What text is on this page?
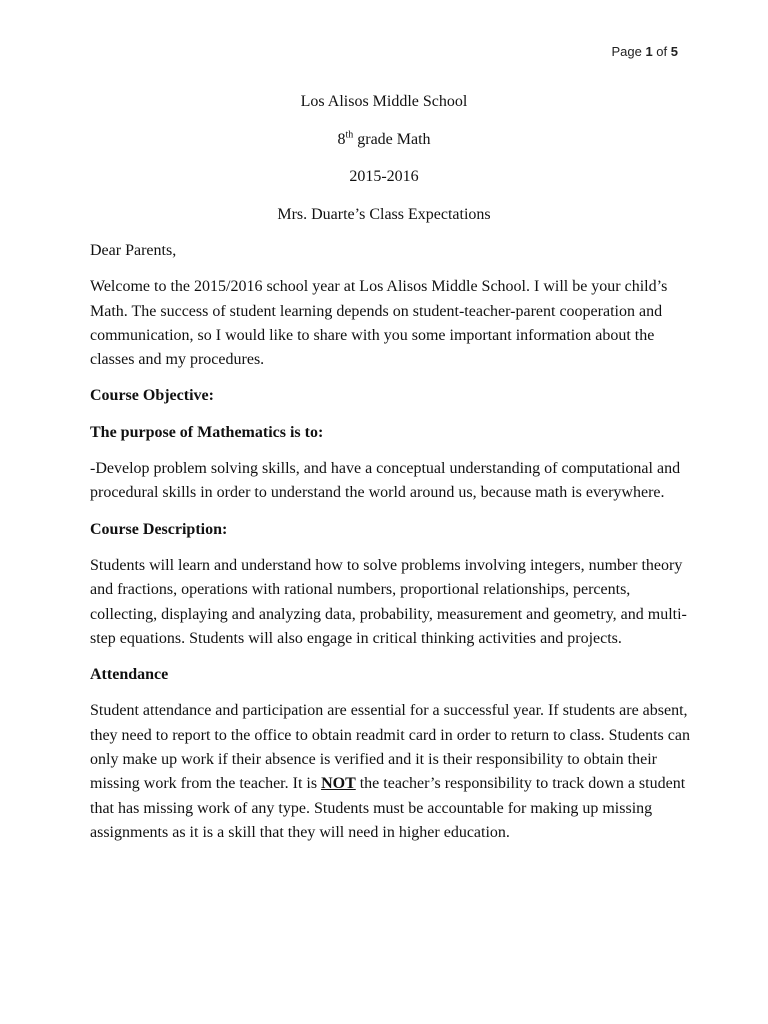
Page 1 of 5
Los Alisos Middle School
8th grade Math
2015-2016
Mrs. Duarte’s Class Expectations

Dear Parents,

Welcome to the 2015/2016 school year at Los Alisos Middle School. I will be your child’s Math. The success of student learning depends on student-teacher-parent cooperation and communication, so I would like to share with you some important information about the classes and my procedures.

Course Objective:

The purpose of Mathematics is to:

-Develop problem solving skills, and have a conceptual understanding of computational and procedural skills in order to understand the world around us, because math is everywhere.

Course Description:

Students will learn and understand how to solve problems involving integers, number theory and fractions, operations with rational numbers, proportional relationships, percents, collecting, displaying and analyzing data, probability, measurement and geometry, and multi-step equations. Students will also engage in critical thinking activities and projects.

Attendance

Student attendance and participation are essential for a successful year. If students are absent, they need to report to the office to obtain readmit card in order to return to class. Students can only make up work if their absence is verified and it is their responsibility to obtain their missing work from the teacher. It is NOT the teacher’s responsibility to track down a student that has missing work of any type. Students must be accountable for making up missing assignments as it is a skill that they will need in higher education.
